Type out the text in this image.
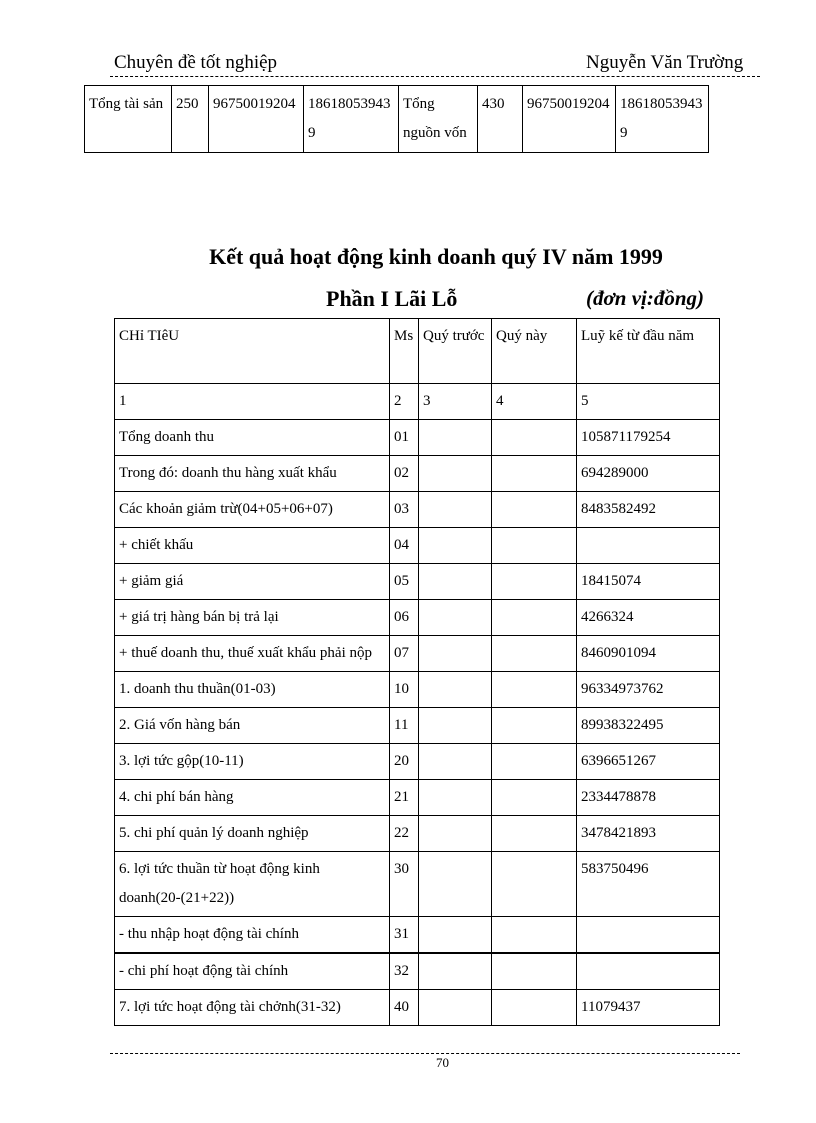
Chuyên đề tốt nghiệp	Nguyễn Văn Trường
Tổng tài sản	250	96750019204	186180539439	Tổng nguồn vốn	430	96750019204	186180539439
Kết quả hoạt động kinh doanh quý IV năm 1999
Phần I Lãi Lỗ	(đơn vị:đồng)
CHỉ TIêU	Ms	Quý trước	Quý này	Luỹ kế từ đầu năm
1	2	3	4	5
Tổng doanh thu	01			105871179254
Trong đó: doanh thu hàng xuất khẩu	02			694289000
Các khoản giảm trừ(04+05+06+07)	03			8483582492
+ chiết khấu	04			
+ giảm giá	05			18415074
+ giá trị hàng bán bị trả lại	06			4266324
+ thuế doanh thu, thuế xuất khẩu phải nộp	07			8460901094
1. doanh thu thuần(01-03)	10			96334973762
2. Giá vốn hàng bán	11			89938322495
3. lợi tức gộp(10-11)	20			6396651267
4. chi phí bán hàng	21			2334478878
5. chi phí quản lý doanh nghiệp	22			3478421893
6. lợi tức thuần từ hoạt động kinh doanh(20-(21+22))	30			583750496
- thu nhập hoạt động tài chính	31			
- chi phí hoạt động tài chính	32			
7. lợi tức hoạt động tài chởnh(31-32)	40			11079437
70
